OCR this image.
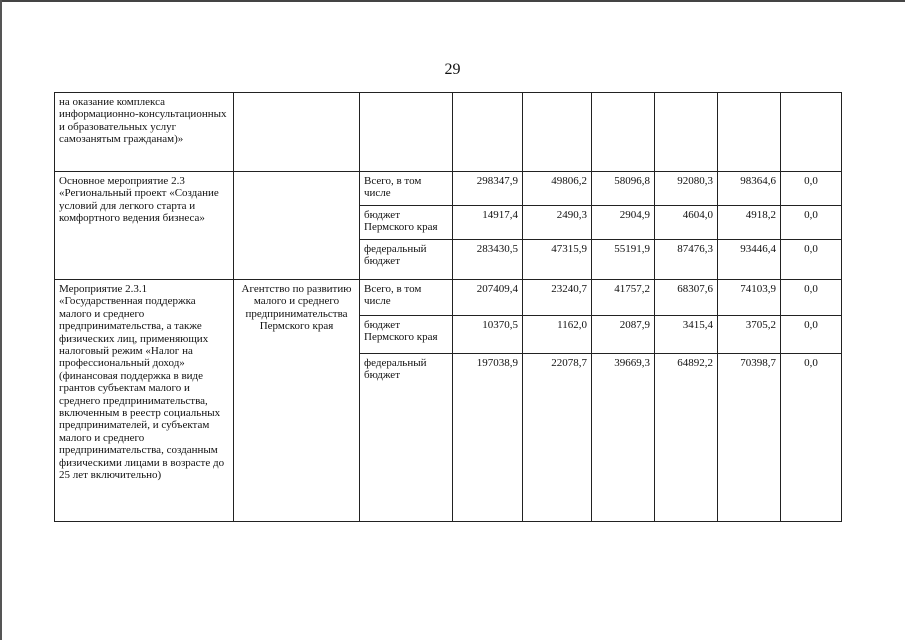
29
на оказание комплекса информационно-консультационных и образовательных услуг самозанятым гражданам)»								
Основное мероприятие 2.3 «Региональный проект «Создание условий для легкого старта и комфортного ведения бизнеса»		Всего, в том числе	298347,9	49806,2	58096,8	92080,3	98364,6	0,0
		бюджет Пермского края	14917,4	2490,3	2904,9	4604,0	4918,2	0,0
		федеральный бюджет	283430,5	47315,9	55191,9	87476,3	93446,4	0,0
Мероприятие 2.3.1 «Государственная поддержка малого и среднего предпринимательства, а также физических лиц, применяющих налоговый режим «Налог на профессиональный доход» (финансовая поддержка в виде грантов субъектам малого и среднего предпринимательства, включенным в реестр социальных предпринимателей, и субъектам малого и среднего предпринимательства, созданным физическими лицами в возрасте до 25 лет включительно)	Агентство по развитию малого и среднего предпринимательства Пермского края	Всего, в том числе	207409,4	23240,7	41757,2	68307,6	74103,9	0,0
		бюджет Пермского края	10370,5	1162,0	2087,9	3415,4	3705,2	0,0
		федеральный бюджет	197038,9	22078,7	39669,3	64892,2	70398,7	0,0
